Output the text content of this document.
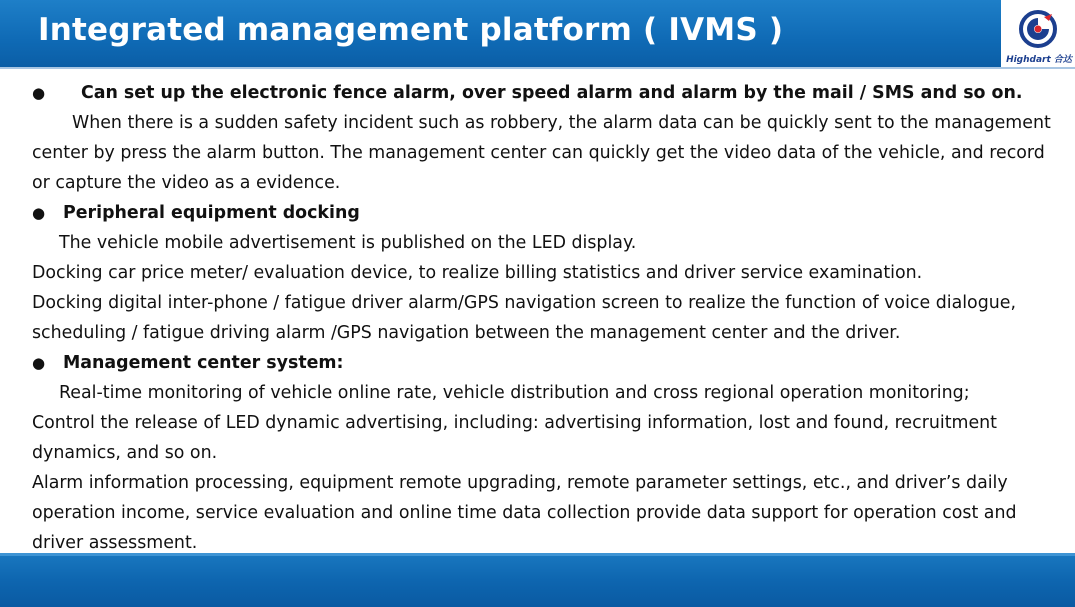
Integrated management platform ( IVMS )
Highdart 合达
● Can set up the electronic fence alarm, over speed alarm and alarm by the mail / SMS and so on.
When there is a sudden safety incident such as robbery, the alarm data can be quickly sent to the management
center by press the alarm button. The management center can quickly get the video data of the vehicle, and record
or capture the video as a evidence.
● Peripheral equipment docking
The vehicle mobile advertisement is published on the LED display.
Docking car price meter/ evaluation device, to realize billing statistics and driver service examination.
Docking digital inter-phone / fatigue driver alarm/GPS navigation screen to realize the function of voice dialogue,
scheduling / fatigue driving alarm /GPS navigation between the management center and the driver.
● Management center system:
Real-time monitoring of vehicle online rate, vehicle distribution and cross regional operation monitoring;
Control the release of LED dynamic advertising, including: advertising information, lost and found, recruitment
dynamics, and so on.
Alarm information processing, equipment remote upgrading, remote parameter settings, etc., and driver’s daily
operation income, service evaluation and online time data collection provide data support for operation cost and
driver assessment.
